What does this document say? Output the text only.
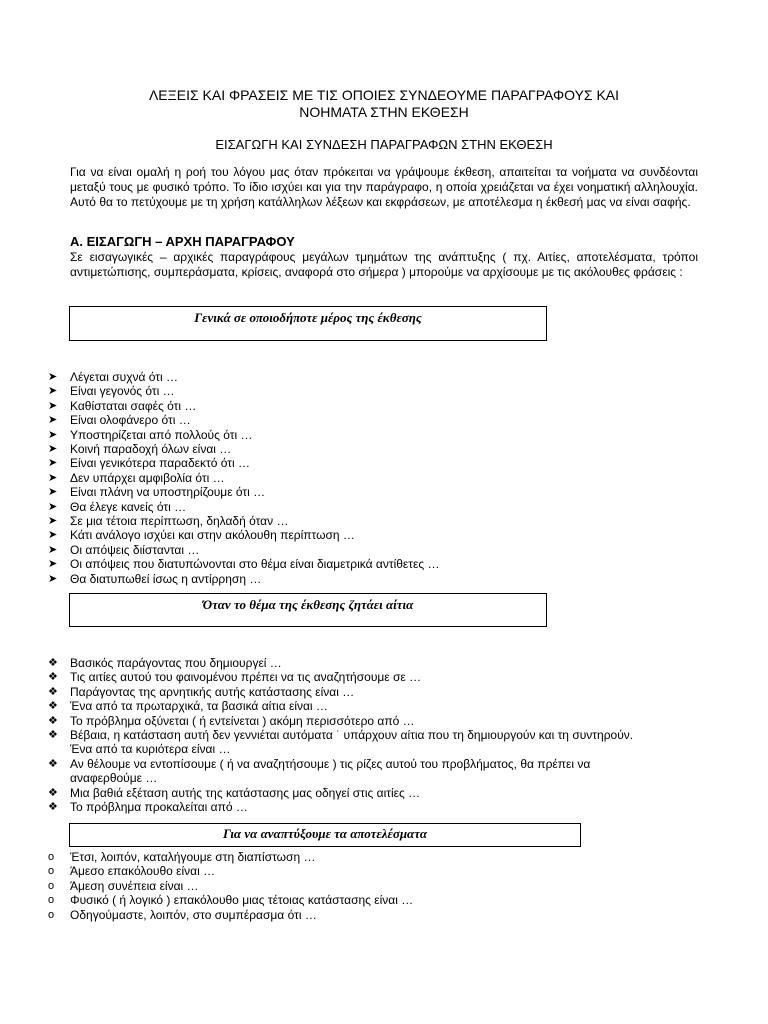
ΛΕΞΕΙΣ ΚΑΙ ΦΡΑΣΕΙΣ ΜΕ ΤΙΣ ΟΠΟΙΕΣ ΣΥΝΔΕΟΥΜΕ ΠΑΡΑΓΡΑΦΟΥΣ ΚΑΙ
ΝΟΗΜΑΤΑ ΣΤΗΝ ΕΚΘΕΣΗ
ΕΙΣΑΓΩΓΗ ΚΑΙ ΣΥΝΔΕΣΗ ΠΑΡΑΓΡΑΦΩΝ ΣΤΗΝ ΕΚΘΕΣΗ

Για να είναι ομαλή η ροή του λόγου μας όταν πρόκειται να γράψουμε έκθεση, απαιτείται τα νοήματα να συνδέονται μεταξύ τους με φυσικό τρόπο. Το ίδιο ισχύει και για την παράγραφο, η οποία χρειάζεται να έχει νοηματική αλληλουχία. Αυτό θα το πετύχουμε με τη χρήση κατάλληλων λέξεων και εκφράσεων, με αποτέλεσμα η έκθεσή μας να είναι σαφής.

Α. ΕΙΣΑΓΩΓΗ – ΑΡΧΗ ΠΑΡΑΓΡΑΦΟΥ

Σε εισαγωγικές – αρχικές παραγράφους μεγάλων τμημάτων της ανάπτυξης ( πχ. Αιτίες, αποτελέσματα, τρόποι αντιμετώπισης, συμπεράσματα, κρίσεις, αναφορά στο σήμερα ) μπορούμε να αρχίσουμε με τις ακόλουθες φράσεις :

Γενικά σε οποιοδήποτε μέρος της έκθεσης
➤	Λέγεται συχνά ότι …
➤	Είναι γεγονός ότι …
➤	Καθίσταται σαφές ότι …
➤	Είναι ολοφάνερο ότι …
➤	Υποστηρίζεται από πολλούς ότι …
➤	Κοινή παραδοχή όλων είναι …
➤	Είναι γενικότερα παραδεκτό ότι …
➤	Δεν υπάρχει αμφιβολία ότι …
➤	Είναι πλάνη να υποστηρίζουμε ότι …
➤	Θα έλεγε κανείς ότι …
➤	Σε μια τέτοια περίπτωση, δηλαδή όταν …
➤	Κάτι ανάλογο ισχύει και στην ακόλουθη περίπτωση …
➤	Οι απόψεις διίστανται …
➤	Οι απόψεις που διατυπώνονται στο θέμα είναι διαμετρικά αντίθετες …
➤	Θα διατυπωθεί ίσως η αντίρρηση …
Όταν το θέμα της έκθεσης ζητάει αίτια
❖	Βασικός παράγοντας που δημιουργεί …
❖	Τις αιτίες αυτού του φαινομένου πρέπει να τις αναζητήσουμε σε …
❖	Παράγοντας της αρνητικής αυτής κατάστασης είναι …
❖	Ένα από τα πρωταρχικά, τα βασικά αίτια είναι …
❖	Το πρόβλημα οξύνεται ( ή εντείνεται ) ακόμη περισσότερο από …
❖	Βέβαια, η κατάσταση αυτή δεν γεννιέται αυτόματα ˙ υπάρχουν αίτια που τη δημιουργούν και τη συντηρούν.
Ένα από τα κυριότερα είναι …
❖	Αν θέλουμε να εντοπίσουμε ( ή να αναζητήσουμε ) τις ρίζες αυτού του προβλήματος, θα πρέπει να
αναφερθούμε …
❖	Μια βαθιά εξέταση αυτής της κατάστασης μας οδηγεί στις αιτίες …
❖	Το πρόβλημα προκαλείται από …
Για να αναπτύξουμε τα αποτελέσματα
o	Έτσι, λοιπόν, καταλήγουμε στη διαπίστωση …
o	Άμεσο επακόλουθο είναι …
o	Άμεση συνέπεια είναι …
o	Φυσικό ( ή λογικό ) επακόλουθο μιας τέτοιας κατάστασης είναι …
o	Οδηγούμαστε, λοιπόν, στο συμπέρασμα ότι …
